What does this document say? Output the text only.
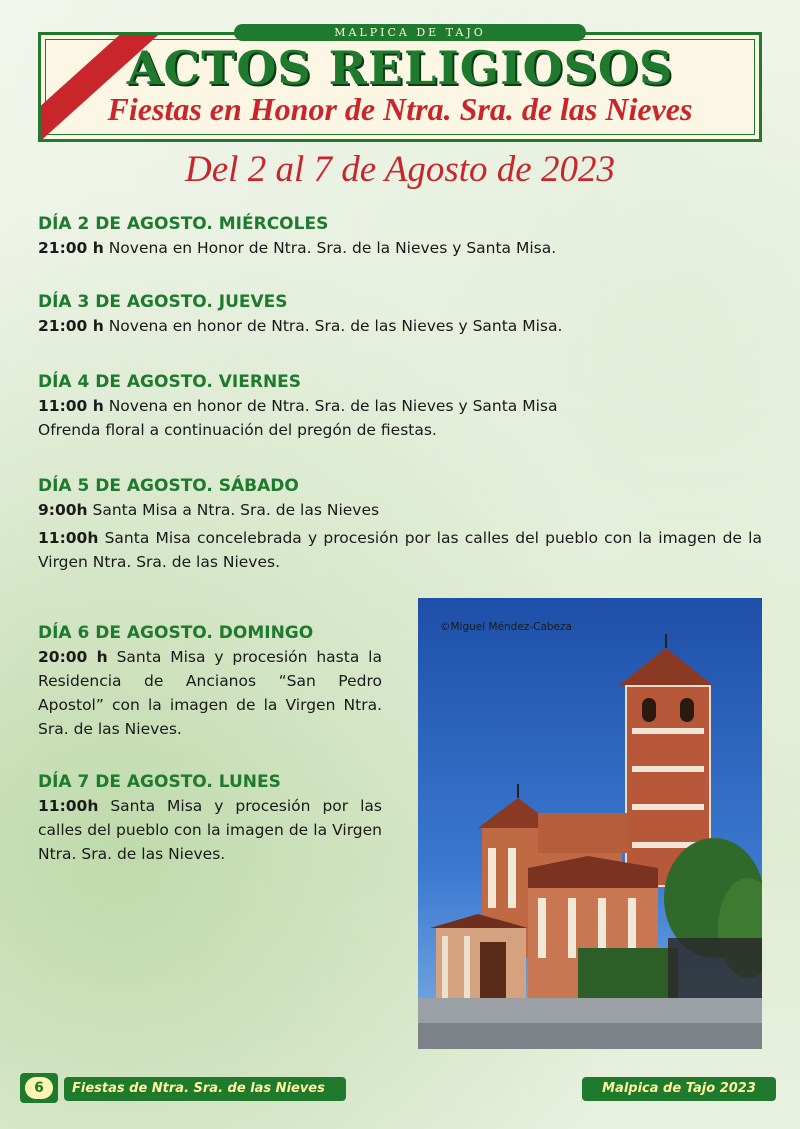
MALPICA DE TAJO
ACTOS RELIGIOSOS
Fiestas en Honor de Ntra. Sra. de las Nieves
Del 2 al 7 de Agosto de 2023
DÍA 2 DE AGOSTO. MIÉRCOLES
21:00 h Novena en Honor de Ntra. Sra. de la Nieves y Santa Misa.
DÍA 3 DE AGOSTO. JUEVES
21:00 h Novena en honor de Ntra. Sra. de las Nieves y Santa Misa.
DÍA 4 DE AGOSTO. VIERNES
11:00 h Novena en honor de Ntra. Sra. de las Nieves y Santa Misa
Ofrenda floral a continuación del pregón de fiestas.
DÍA 5 DE AGOSTO. SÁBADO
9:00h Santa Misa a Ntra. Sra. de las Nieves
11:00h Santa Misa concelebrada y procesión por las calles del pueblo con la imagen de la Virgen Ntra. Sra. de las Nieves.
DÍA 6 DE AGOSTO. DOMINGO
20:00 h Santa Misa y procesión hasta la Residencia de Ancianos “San Pedro Apostol” con la imagen de la Virgen Ntra. Sra. de las Nieves.
DÍA 7 DE AGOSTO. LUNES
11:00h Santa Misa y procesión por las calles del pueblo con la imagen de la Virgen Ntra. Sra. de las Nieves.
©Miguel Méndez-Cabeza
6	Fiestas de Ntra. Sra. de las Nieves	Malpica de Tajo 2023
